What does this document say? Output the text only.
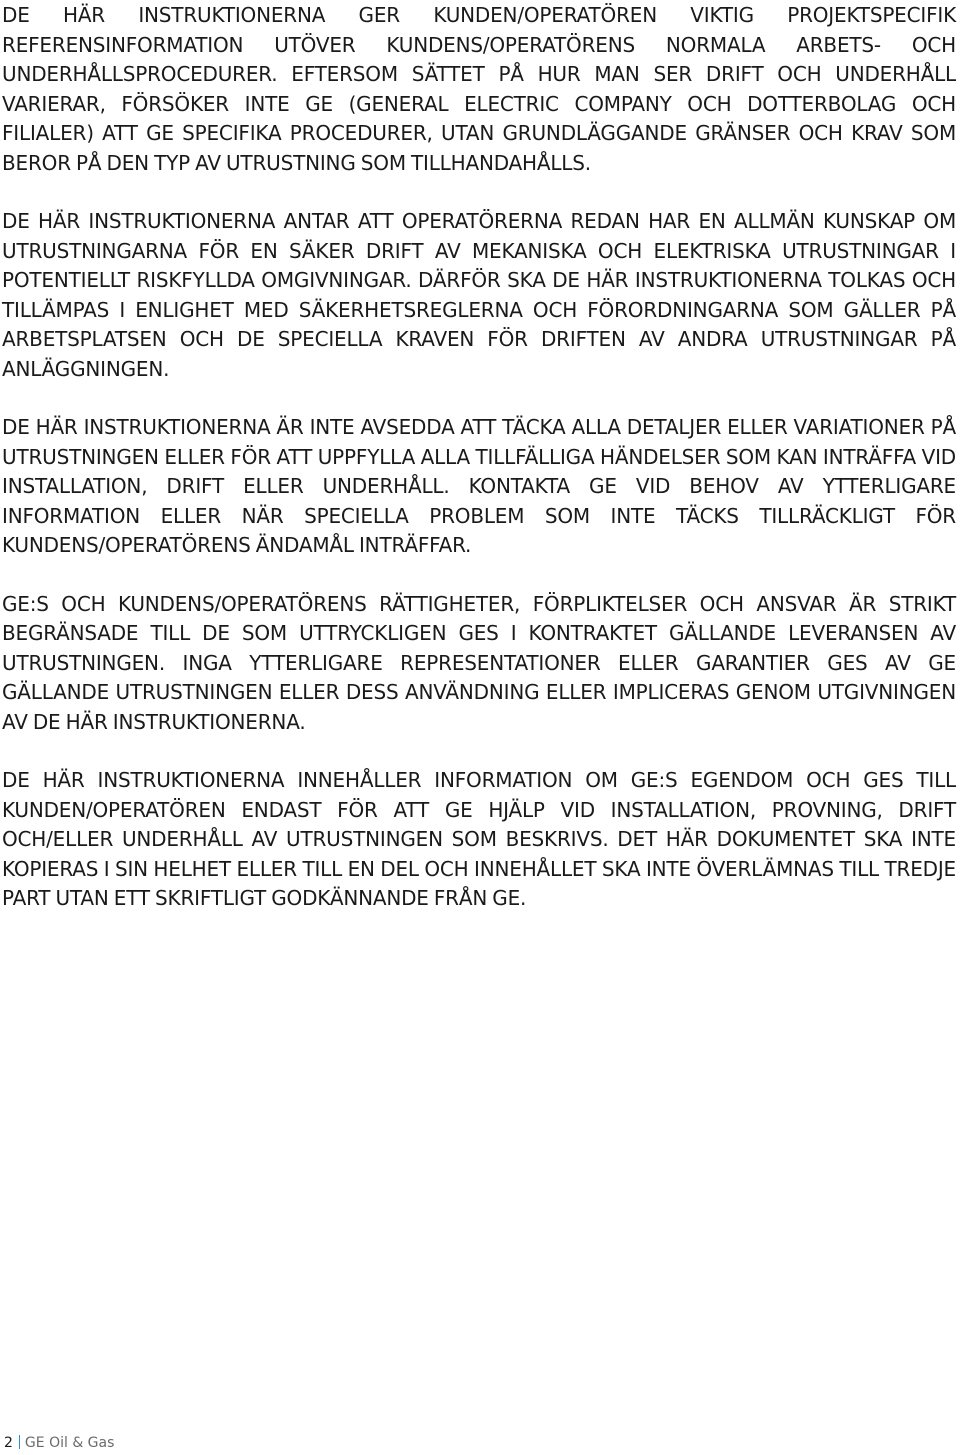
DE HÄR INSTRUKTIONERNA GER KUNDEN/OPERATÖREN VIKTIG PROJEKTSPECIFIK REFERENSINFORMATION UTÖVER KUNDENS/OPERATÖRENS NORMALA ARBETS- OCH UNDERHÅLLSPROCEDURER. EFTERSOM SÄTTET PÅ HUR MAN SER DRIFT OCH UNDERHÅLL VARIERAR, FÖRSÖKER INTE GE (GENERAL ELECTRIC COMPANY OCH DOTTERBOLAG OCH FILIALER) ATT GE SPECIFIKA PROCEDURER, UTAN GRUNDLÄGGANDE GRÄNSER OCH KRAV SOM BEROR PÅ DEN TYP AV UTRUSTNING SOM TILLHANDAHÅLLS.

DE HÄR INSTRUKTIONERNA ANTAR ATT OPERATÖRERNA REDAN HAR EN ALLMÄN KUNSKAP OM UTRUSTNINGARNA FÖR EN SÄKER DRIFT AV MEKANISKA OCH ELEKTRISKA UTRUSTNINGAR I POTENTIELLT RISKFYLLDA OMGIVNINGAR. DÄRFÖR SKA DE HÄR INSTRUKTIONERNA TOLKAS OCH TILLÄMPAS I ENLIGHET MED SÄKERHETSREGLERNA OCH FÖRORDNINGARNA SOM GÄLLER PÅ ARBETSPLATSEN OCH DE SPECIELLA KRAVEN FÖR DRIFTEN AV ANDRA UTRUSTNINGAR PÅ ANLÄGGNINGEN.

DE HÄR INSTRUKTIONERNA ÄR INTE AVSEDDA ATT TÄCKA ALLA DETALJER ELLER VARIATIONER PÅ UTRUSTNINGEN ELLER FÖR ATT UPPFYLLA ALLA TILLFÄLLIGA HÄNDELSER SOM KAN INTRÄFFA VID INSTALLATION, DRIFT ELLER UNDERHÅLL. KONTAKTA GE VID BEHOV AV YTTERLIGARE INFORMATION ELLER NÄR SPECIELLA PROBLEM SOM INTE TÄCKS TILLRÄCKLIGT FÖR KUNDENS/OPERATÖRENS ÄNDAMÅL INTRÄFFAR.

GE:S OCH KUNDENS/OPERATÖRENS RÄTTIGHETER, FÖRPLIKTELSER OCH ANSVAR ÄR STRIKT BEGRÄNSADE TILL DE SOM UTTRYCKLIGEN GES I KONTRAKTET GÄLLANDE LEVERANSEN AV UTRUSTNINGEN. INGA YTTERLIGARE REPRESENTATIONER ELLER GARANTIER GES AV GE GÄLLANDE UTRUSTNINGEN ELLER DESS ANVÄNDNING ELLER IMPLICERAS GENOM UTGIVNINGEN AV DE HÄR INSTRUKTIONERNA.

DE HÄR INSTRUKTIONERNA INNEHÅLLER INFORMATION OM GE:S EGENDOM OCH GES TILL KUNDEN/OPERATÖREN ENDAST FÖR ATT GE HJÄLP VID INSTALLATION, PROVNING, DRIFT OCH/ELLER UNDERHÅLL AV UTRUSTNINGEN SOM BESKRIVS. DET HÄR DOKUMENTET SKA INTE KOPIERAS I SIN HELHET ELLER TILL EN DEL OCH INNEHÅLLET SKA INTE ÖVERLÄMNAS TILL TREDJE PART UTAN ETT SKRIFTLIGT GODKÄNNANDE FRÅN GE.

2 GE Oil & Gas
